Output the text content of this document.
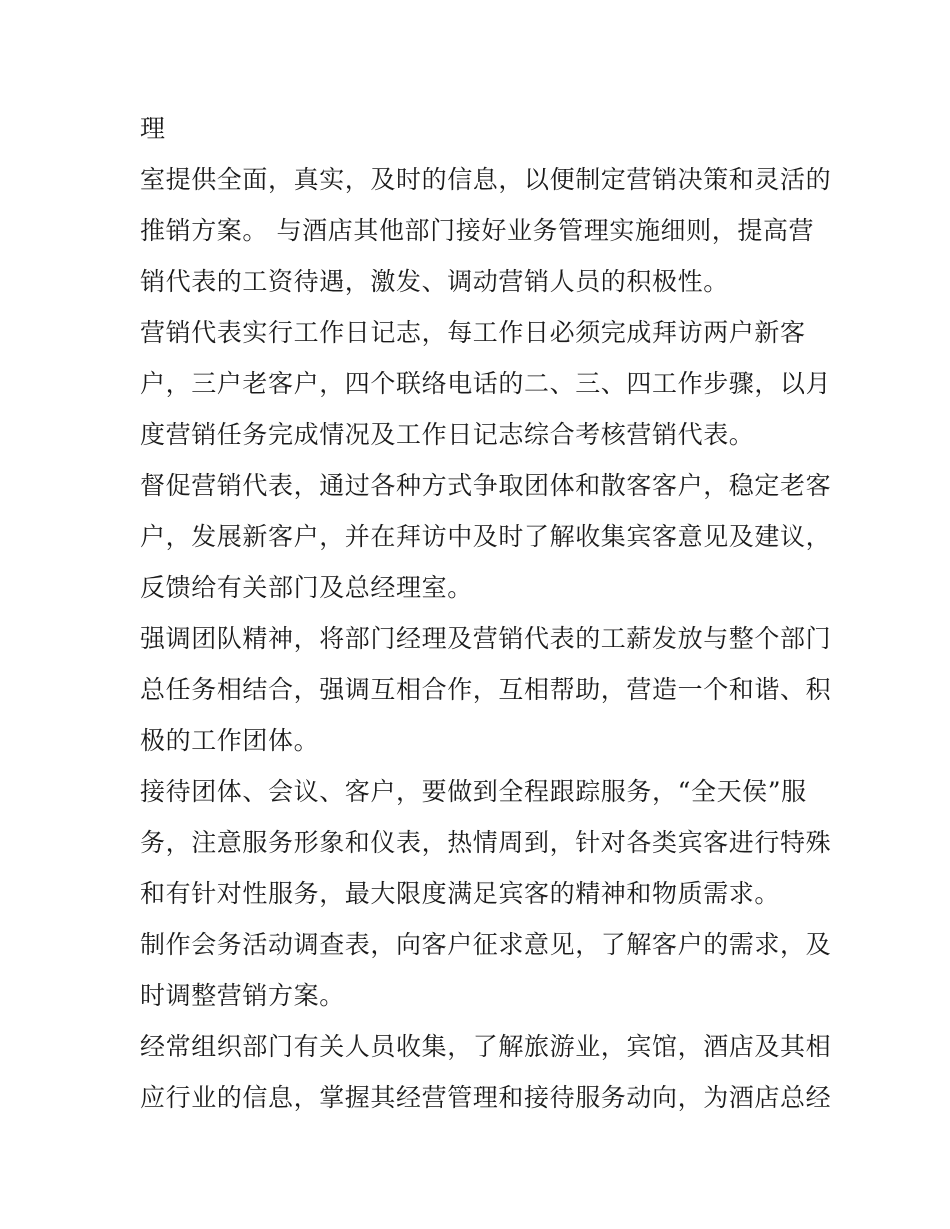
理
室提供全面，真实，及时的信息，以便制定营销决策和灵活的
推销方案。 与酒店其他部门接好业务管理实施细则，提高营
销代表的工资待遇，激发、调动营销人员的积极性。
营销代表实行工作日记志，每工作日必须完成拜访两户新客
户，三户老客户，四个联络电话的二、三、四工作步骤，以月
度营销任务完成情况及工作日记志综合考核营销代表。
督促营销代表，通过各种方式争取团体和散客客户，稳定老客
户，发展新客户，并在拜访中及时了解收集宾客意见及建议，
反馈给有关部门及总经理室。
强调团队精神，将部门经理及营销代表的工薪发放与整个部门
总任务相结合，强调互相合作，互相帮助，营造一个和谐、积
极的工作团体。
接待团体、会议、客户，要做到全程跟踪服务，“全天侯”服
务，注意服务形象和仪表，热情周到，针对各类宾客进行特殊
和有针对性服务，最大限度满足宾客的精神和物质需求。
制作会务活动调查表，向客户征求意见，了解客户的需求，及
时调整营销方案。
经常组织部门有关人员收集，了解旅游业，宾馆，酒店及其相
应行业的信息，掌握其经营管理和接待服务动向，为酒店总经
